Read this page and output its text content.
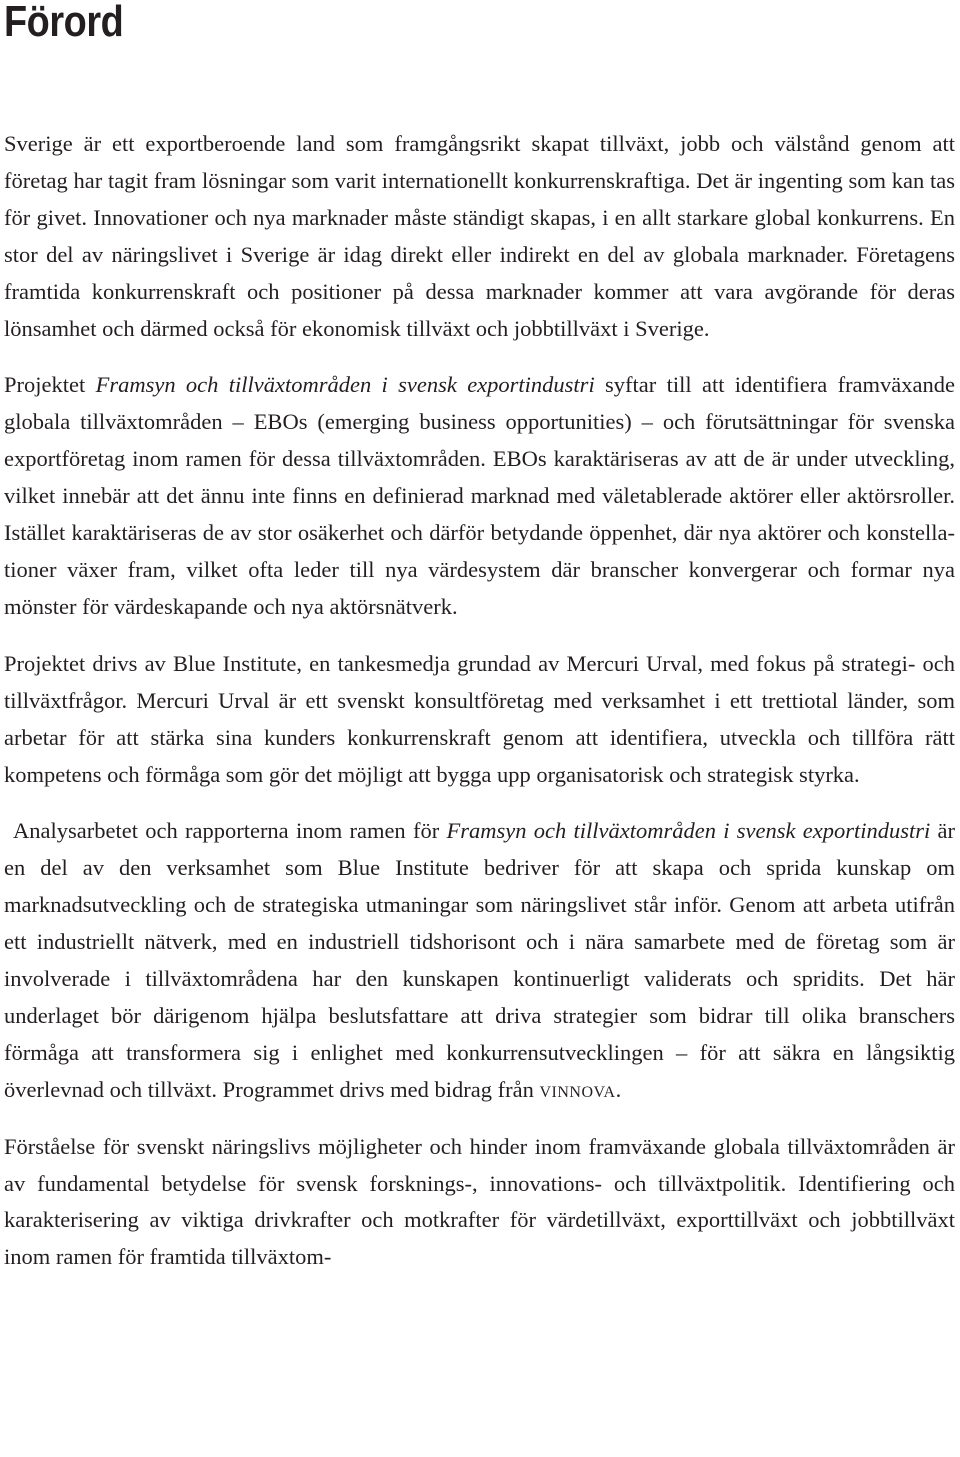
Förord

Sverige är ett exportberoende land som framgångsrikt skapat tillväxt, jobb och välstånd genom att företag har tagit fram lösningar som varit internationellt konkurrenskraftiga. Det är ingenting som kan tas för givet. Innovationer och nya marknader måste ständigt skapas, i en allt starkare global konkurrens. En stor del av näringslivet i Sverige är idag direkt eller indirekt en del av globala marknader. Företagens framtida konkurrenskraft och positioner på dessa marknader kommer att vara avgörande för deras lönsamhet och därmed också för ekonomisk tillväxt och jobbtillväxt i Sverige.

Projektet Framsyn och tillväxtområden i svensk exportindustri syftar till att identifiera framväxande globala tillväxtområden – EBOs (emerging business opportunities) – och förutsättningar för svenska exportföretag inom ramen för dessa tillväxtområden. EBOs karaktäriseras av att de är under utveckling, vilket innebär att det ännu inte finns en definierad marknad med väletablerade aktörer eller aktörsroller. Istället karaktäriseras de av stor osäkerhet och därför betydande öppenhet, där nya aktörer och konstellationer växer fram, vilket ofta leder till nya värdesystem där branscher konvergerar och formar nya mönster för värdeskapande och nya aktörsnätverk.

Projektet drivs av Blue Institute, en tankesmedja grundad av Mercuri Urval, med fokus på strategi- och tillväxtfrågor. Mercuri Urval är ett svenskt konsultföretag med verksamhet i ett trettiotal länder, som arbetar för att stärka sina kunders konkurrenskraft genom att identifiera, utveckla och tillföra rätt kompetens och förmåga som gör det möjligt att bygga upp organisatorisk och strategisk styrka.

Analysarbetet och rapporterna inom ramen för Framsyn och tillväxtområden i svensk exportindustri är en del av den verksamhet som Blue Institute bedriver för att skapa och sprida kunskap om marknadsutveckling och de strategiska utmaningar som näringslivet står inför. Genom att arbeta utifrån ett industriellt nätverk, med en industriell tidshorisont och i nära samarbete med de företag som är involverade i tillväxtområdena har den kunskapen kontinuerligt validerats och spridits. Det här underlaget bör därigenom hjälpa beslutsfattare att driva strategier som bidrar till olika branschers förmåga att transformera sig i enlighet med konkurrensutvecklingen – för att säkra en långsiktig överlevnad och tillväxt. Programmet drivs med bidrag från vinnova.

Förståelse för svenskt näringslivs möjligheter och hinder inom framväxande globala tillväxtområden är av fundamental betydelse för svensk forsknings-, innovations- och tillväxtpolitik. Identifiering och karakterisering av viktiga drivkrafter och motkrafter för värdetillväxt, exporttillväxt och jobbtillväxt inom ramen för framtida tillväxtom-
